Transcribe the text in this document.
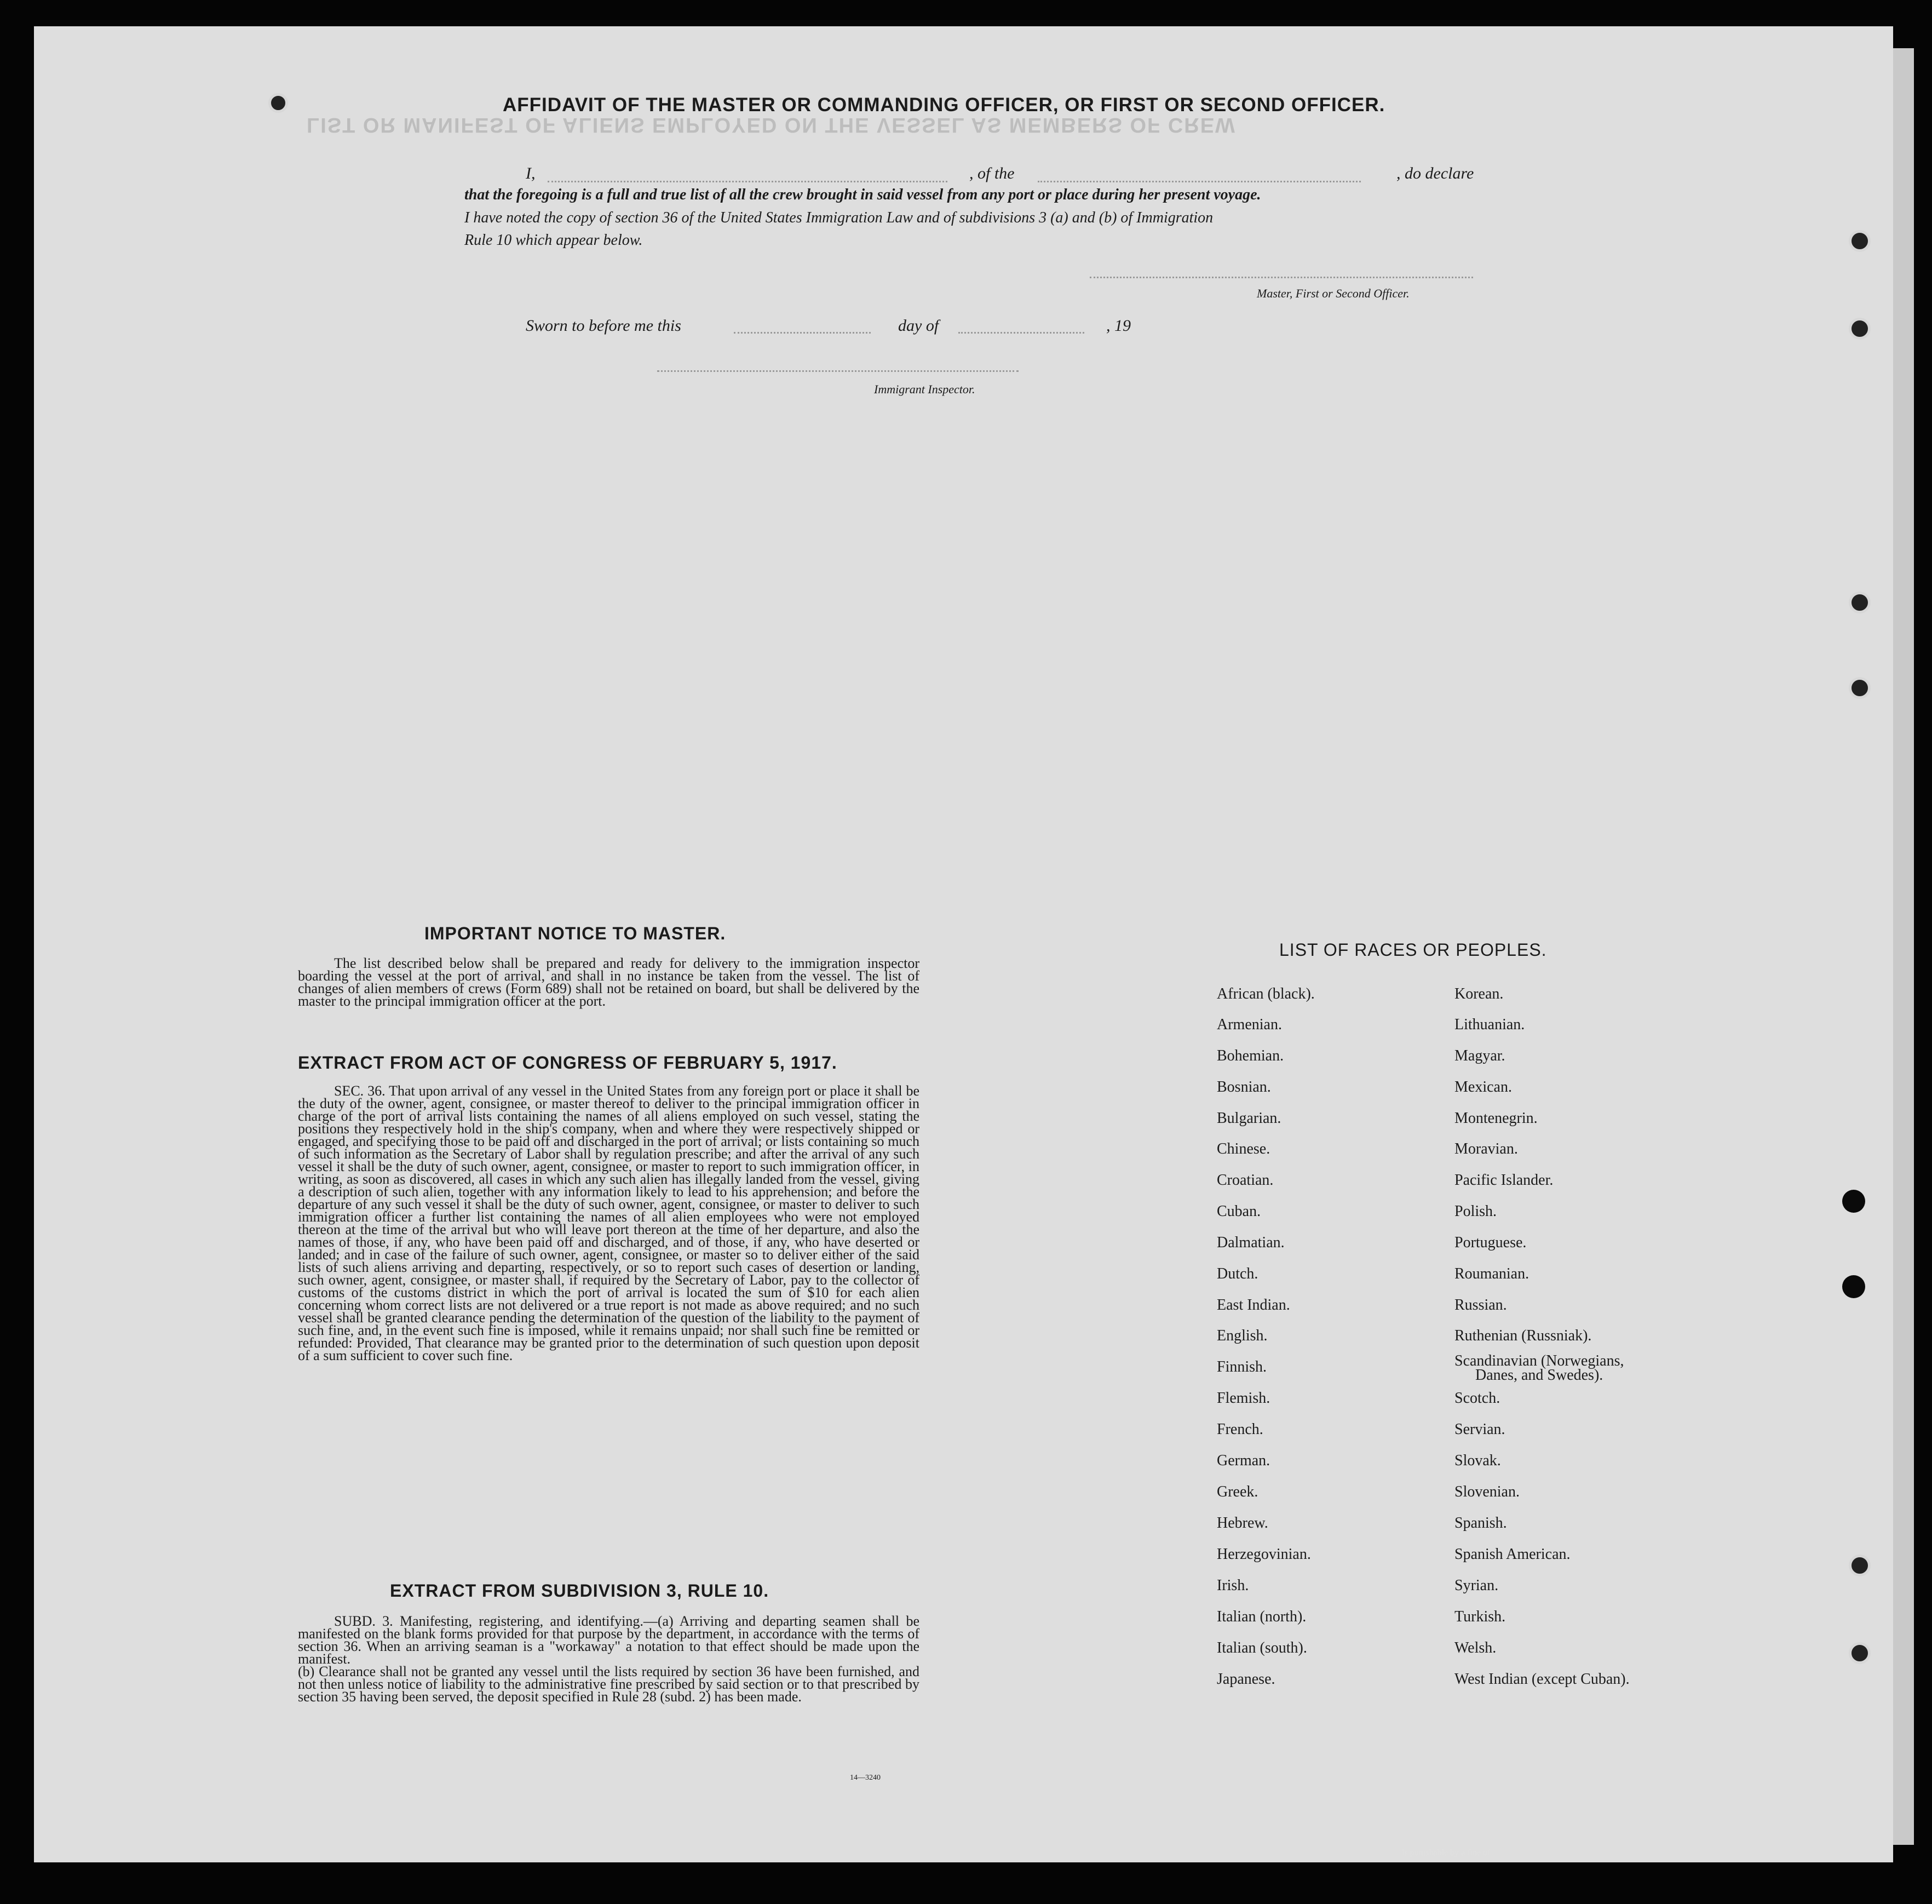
LIST OR MANIFEST OF ALIENS EMPLOYED ON THE VESSEL AS MEMBERS OF CREW
AFFIDAVIT OF THE MASTER OR COMMANDING OFFICER, OR FIRST OR SECOND OFFICER.
I,	, of the	, do declare
that the foregoing is a full and true list of all the crew brought in said vessel from any port or place during her present voyage.
I have noted the copy of section 36 of the United States Immigration Law and of subdivisions 3 (a) and (b) of Immigration
Rule 10 which appear below.
Master, First or Second Officer.
Sworn to before me this	day of	, 19
Immigrant Inspector.
IMPORTANT NOTICE TO MASTER.

The list described below shall be prepared and ready for delivery to the immigration inspector boarding the vessel at the port of arrival, and shall in no instance be taken from the vessel. The list of changes of alien members of crews (Form 689) shall not be retained on board, but shall be delivered by the master to the principal immigration officer at the port.

EXTRACT FROM ACT OF CONGRESS OF FEBRUARY 5, 1917.

SEC. 36. That upon arrival of any vessel in the United States from any foreign port or place it shall be the duty of the owner, agent, consignee, or master thereof to deliver to the principal immigration officer in charge of the port of arrival lists containing the names of all aliens employed on such vessel, stating the positions they respectively hold in the ship's company, when and where they were respectively shipped or engaged, and specifying those to be paid off and discharged in the port of arrival; or lists containing so much of such information as the Secretary of Labor shall by regulation prescribe; and after the arrival of any such vessel it shall be the duty of such owner, agent, consignee, or master to report to such immigration officer, in writing, as soon as discovered, all cases in which any such alien has illegally landed from the vessel, giving a description of such alien, together with any information likely to lead to his apprehension; and before the departure of any such vessel it shall be the duty of such owner, agent, consignee, or master to deliver to such immigration officer a further list containing the names of all alien employees who were not employed thereon at the time of the arrival but who will leave port thereon at the time of her departure, and also the names of those, if any, who have been paid off and discharged, and of those, if any, who have deserted or landed; and in case of the failure of such owner, agent, consignee, or master so to deliver either of the said lists of such aliens arriving and departing, respectively, or so to report such cases of desertion or landing, such owner, agent, consignee, or master shall, if required by the Secretary of Labor, pay to the collector of customs of the customs district in which the port of arrival is located the sum of $10 for each alien concerning whom correct lists are not delivered or a true report is not made as above required; and no such vessel shall be granted clearance pending the determination of the question of the liability to the payment of such fine, and, in the event such fine is imposed, while it remains unpaid; nor shall such fine be remitted or refunded: Provided, That clearance may be granted prior to the determination of such question upon deposit of a sum sufficient to cover such fine.

EXTRACT FROM SUBDIVISION 3, RULE 10.

SUBD. 3. Manifesting, registering, and identifying.—(a) Arriving and departing seamen shall be manifested on the blank forms provided for that purpose by the department, in accordance with the terms of section 36. When an arriving seaman is a "workaway" a notation to that effect should be made upon the manifest.

(b) Clearance shall not be granted any vessel until the lists required by section 36 have been furnished, and not then unless notice of liability to the administrative fine prescribed by said section or to that prescribed by section 35 having been served, the deposit specified in Rule 28 (subd. 2) has been made.

14—3240
LIST OF RACES OR PEOPLES.
African (black).
Armenian.
Bohemian.
Bosnian.
Bulgarian.
Chinese.
Croatian.
Cuban.
Dalmatian.
Dutch.
East Indian.
English.
Finnish.
Flemish.
French.
German.
Greek.
Hebrew.
Herzegovinian.
Irish.
Italian (north).
Italian (south).
Japanese.
Korean.
Lithuanian.
Magyar.
Mexican.
Montenegrin.
Moravian.
Pacific Islander.
Polish.
Portuguese.
Roumanian.
Russian.
Ruthenian (Russniak).
Scandinavian (Norwegians,
Danes, and Swedes).
Scotch.
Servian.
Slovak.
Slovenian.
Spanish.
Spanish American.
Syrian.
Turkish.
Welsh.
West Indian (except Cuban).
is punishable by a fine of
